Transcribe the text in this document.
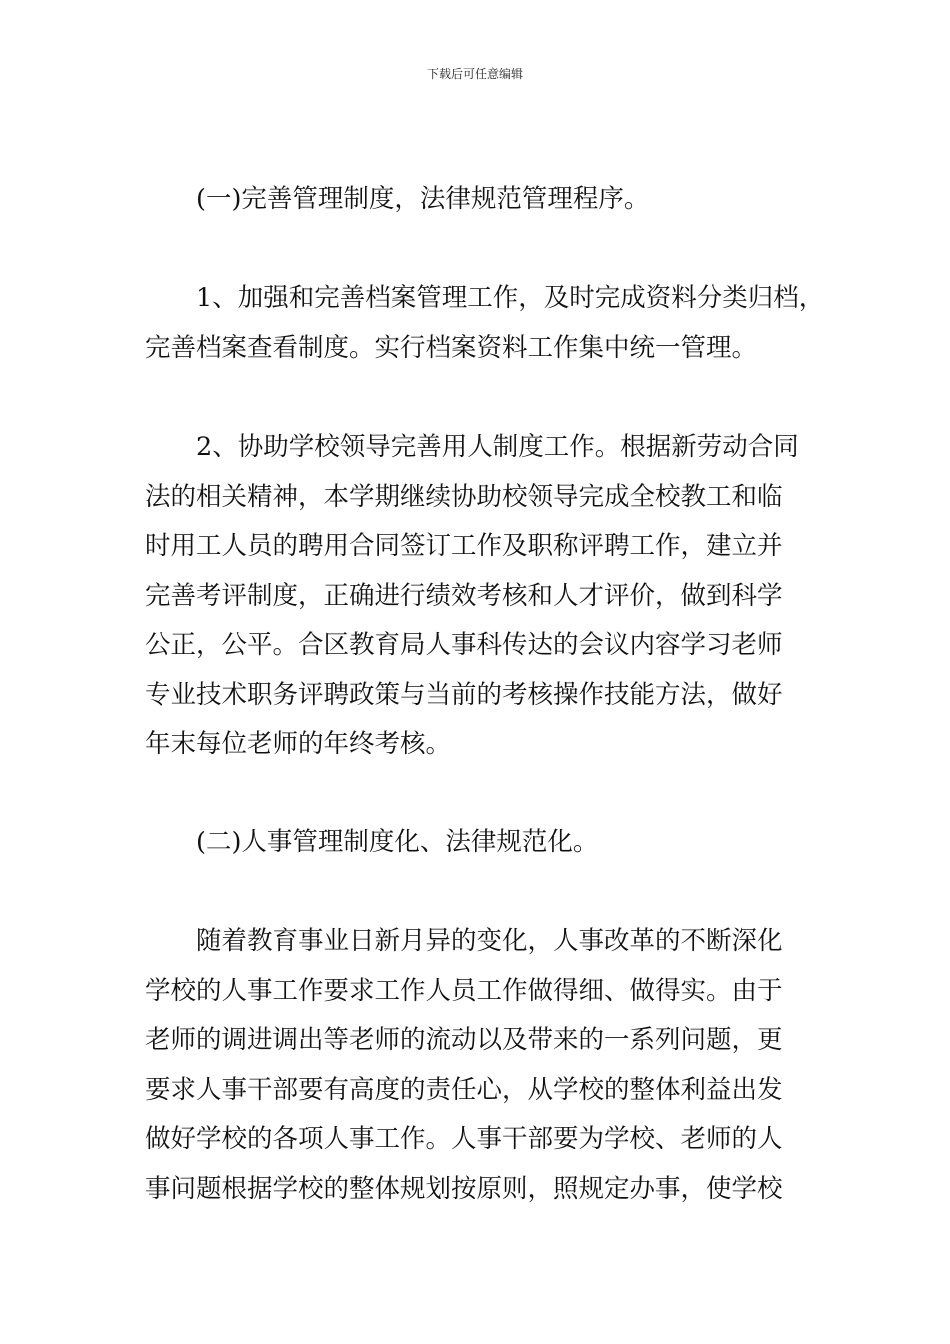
下载后可任意编辑
(一)完善管理制度，法律规范管理程序。
1、加强和完善档案管理工作，及时完成资料分类归档，
完善档案查看制度。实行档案资料工作集中统一管理。
2、协助学校领导完善用人制度工作。根据新劳动合同
法的相关精神，本学期继续协助校领导完成全校教工和临
时用工人员的聘用合同签订工作及职称评聘工作，建立并
完善考评制度，正确进行绩效考核和人才评价，做到科学
公正，公平。合区教育局人事科传达的会议内容学习老师
专业技术职务评聘政策与当前的考核操作技能方法，做好
年末每位老师的年终考核。
(二)人事管理制度化、法律规范化。
随着教育事业日新月异的变化，人事改革的不断深化
学校的人事工作要求工作人员工作做得细、做得实。由于
老师的调进调出等老师的流动以及带来的一系列问题，更
要求人事干部要有高度的责任心，从学校的整体利益出发
做好学校的各项人事工作。人事干部要为学校、老师的人
事问题根据学校的整体规划按原则，照规定办事，使学校
